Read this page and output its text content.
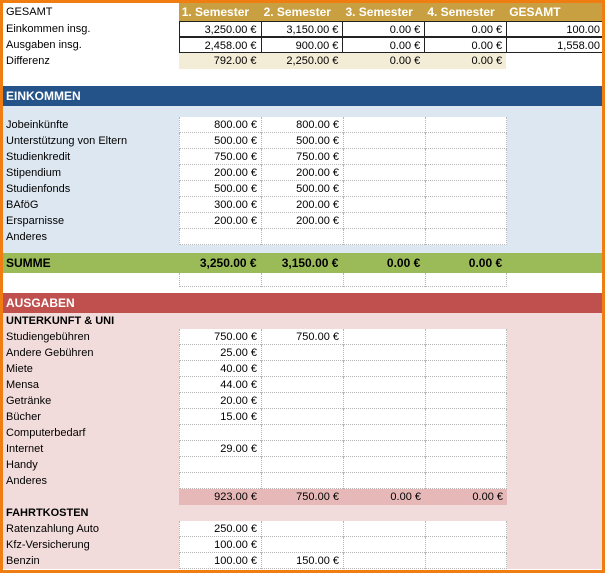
GESAMT	1. Semester	2. Semester	3. Semester	4. Semester	GESAMT
Einkommen insg.	3,250.00 €	3,150.00 €	0.00 €	0.00 €	100.00
Ausgaben insg.	2,458.00 €	900.00 €	0.00 €	0.00 €	1,558.00
Differenz	792.00 €	2,250.00 €	0.00 €	0.00 €
EINKOMMEN
Jobeinkünfte	800.00 €	800.00 €
Unterstützung von Eltern	500.00 €	500.00 €
Studienkredit	750.00 €	750.00 €
Stipendium	200.00 €	200.00 €
Studienfonds	500.00 €	500.00 €
BAföG	300.00 €	200.00 €
Ersparnisse	200.00 €	200.00 €
Anderes
SUMME	3,250.00 €	3,150.00 €	0.00 €	0.00 €
AUSGABEN
UNTERKUNFT & UNI
Studiengebühren	750.00 €	750.00 €
Andere Gebühren	25.00 €
Miete	40.00 €
Mensa	44.00 €
Getränke	20.00 €
Bücher	15.00 €
Computerbedarf
Internet	29.00 €
Handy
Anderes
923.00 €	750.00 €	0.00 €	0.00 €
FAHRTKOSTEN
Ratenzahlung Auto	250.00 €
Kfz-Versicherung	100.00 €
Benzin	100.00 €	150.00 €
